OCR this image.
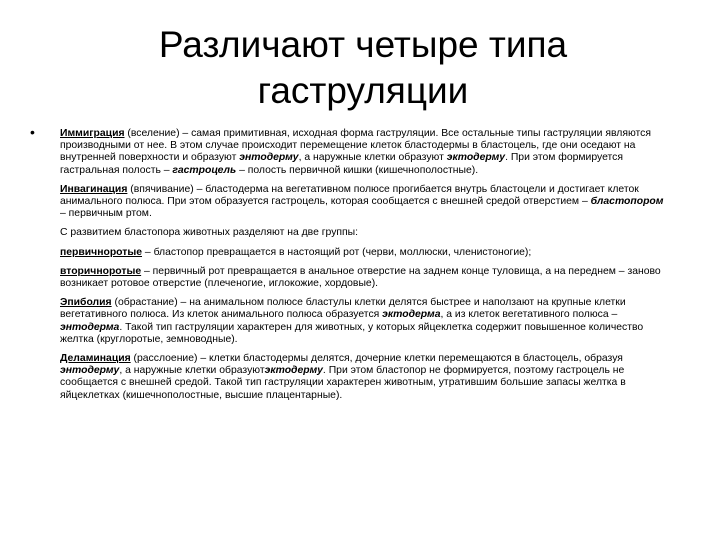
Различают четыре типа
гаструляции
• Иммиграция (вселение) – самая примитивная, исходная форма гаструляции. Все остальные типы гаструляции являются производными от нее. В этом случае происходит перемещение клеток бластодермы в бластоцель, где они оседают на внутренней поверхности и образуют энтодерму, а наружные клетки образуют эктодерму. При этом формируется гастральная полость – гастроцель – полость первичной кишки (кишечнополостные).

Инвагинация (впячивание) – бластодерма на вегетативном полюсе прогибается внутрь бластоцели и достигает клеток анимального полюса. При этом образуется гастроцель, которая сообщается с внешней средой отверстием – бластопором – первичным ртом.

С развитием бластопора животных разделяют на две группы:

первичноротые – бластопор превращается в настоящий рот (черви, моллюски, членистоногие);

вторичноротые – первичный рот превращается в анальное отверстие на заднем конце туловища, а на переднем – заново возникает ротовое отверстие (плеченогие, иглокожие, хордовые).

Эпиболия (обрастание) – на анимальном полюсе бластулы клетки делятся быстрее и наползают на крупные клетки вегетативного полюса. Из клеток анимального полюса образуется эктодерма, а из клеток вегетативного полюса – энтодерма. Такой тип гаструляции характерен для животных, у которых яйцеклетка содержит повышенное количество желтка (круглоротые, земноводные).

Деламинация (расслоение) – клетки бластодермы делятся, дочерние клетки перемещаются в бластоцель, образуя энтодерму, а наружные клетки образуютэктодерму. При этом бластопор не формируется, поэтому гастроцель не сообщается с внешней средой. Такой тип гаструляции характерен животным, утратившим большие запасы желтка в яйцеклетках (кишечнополостные, высшие плацентарные).
